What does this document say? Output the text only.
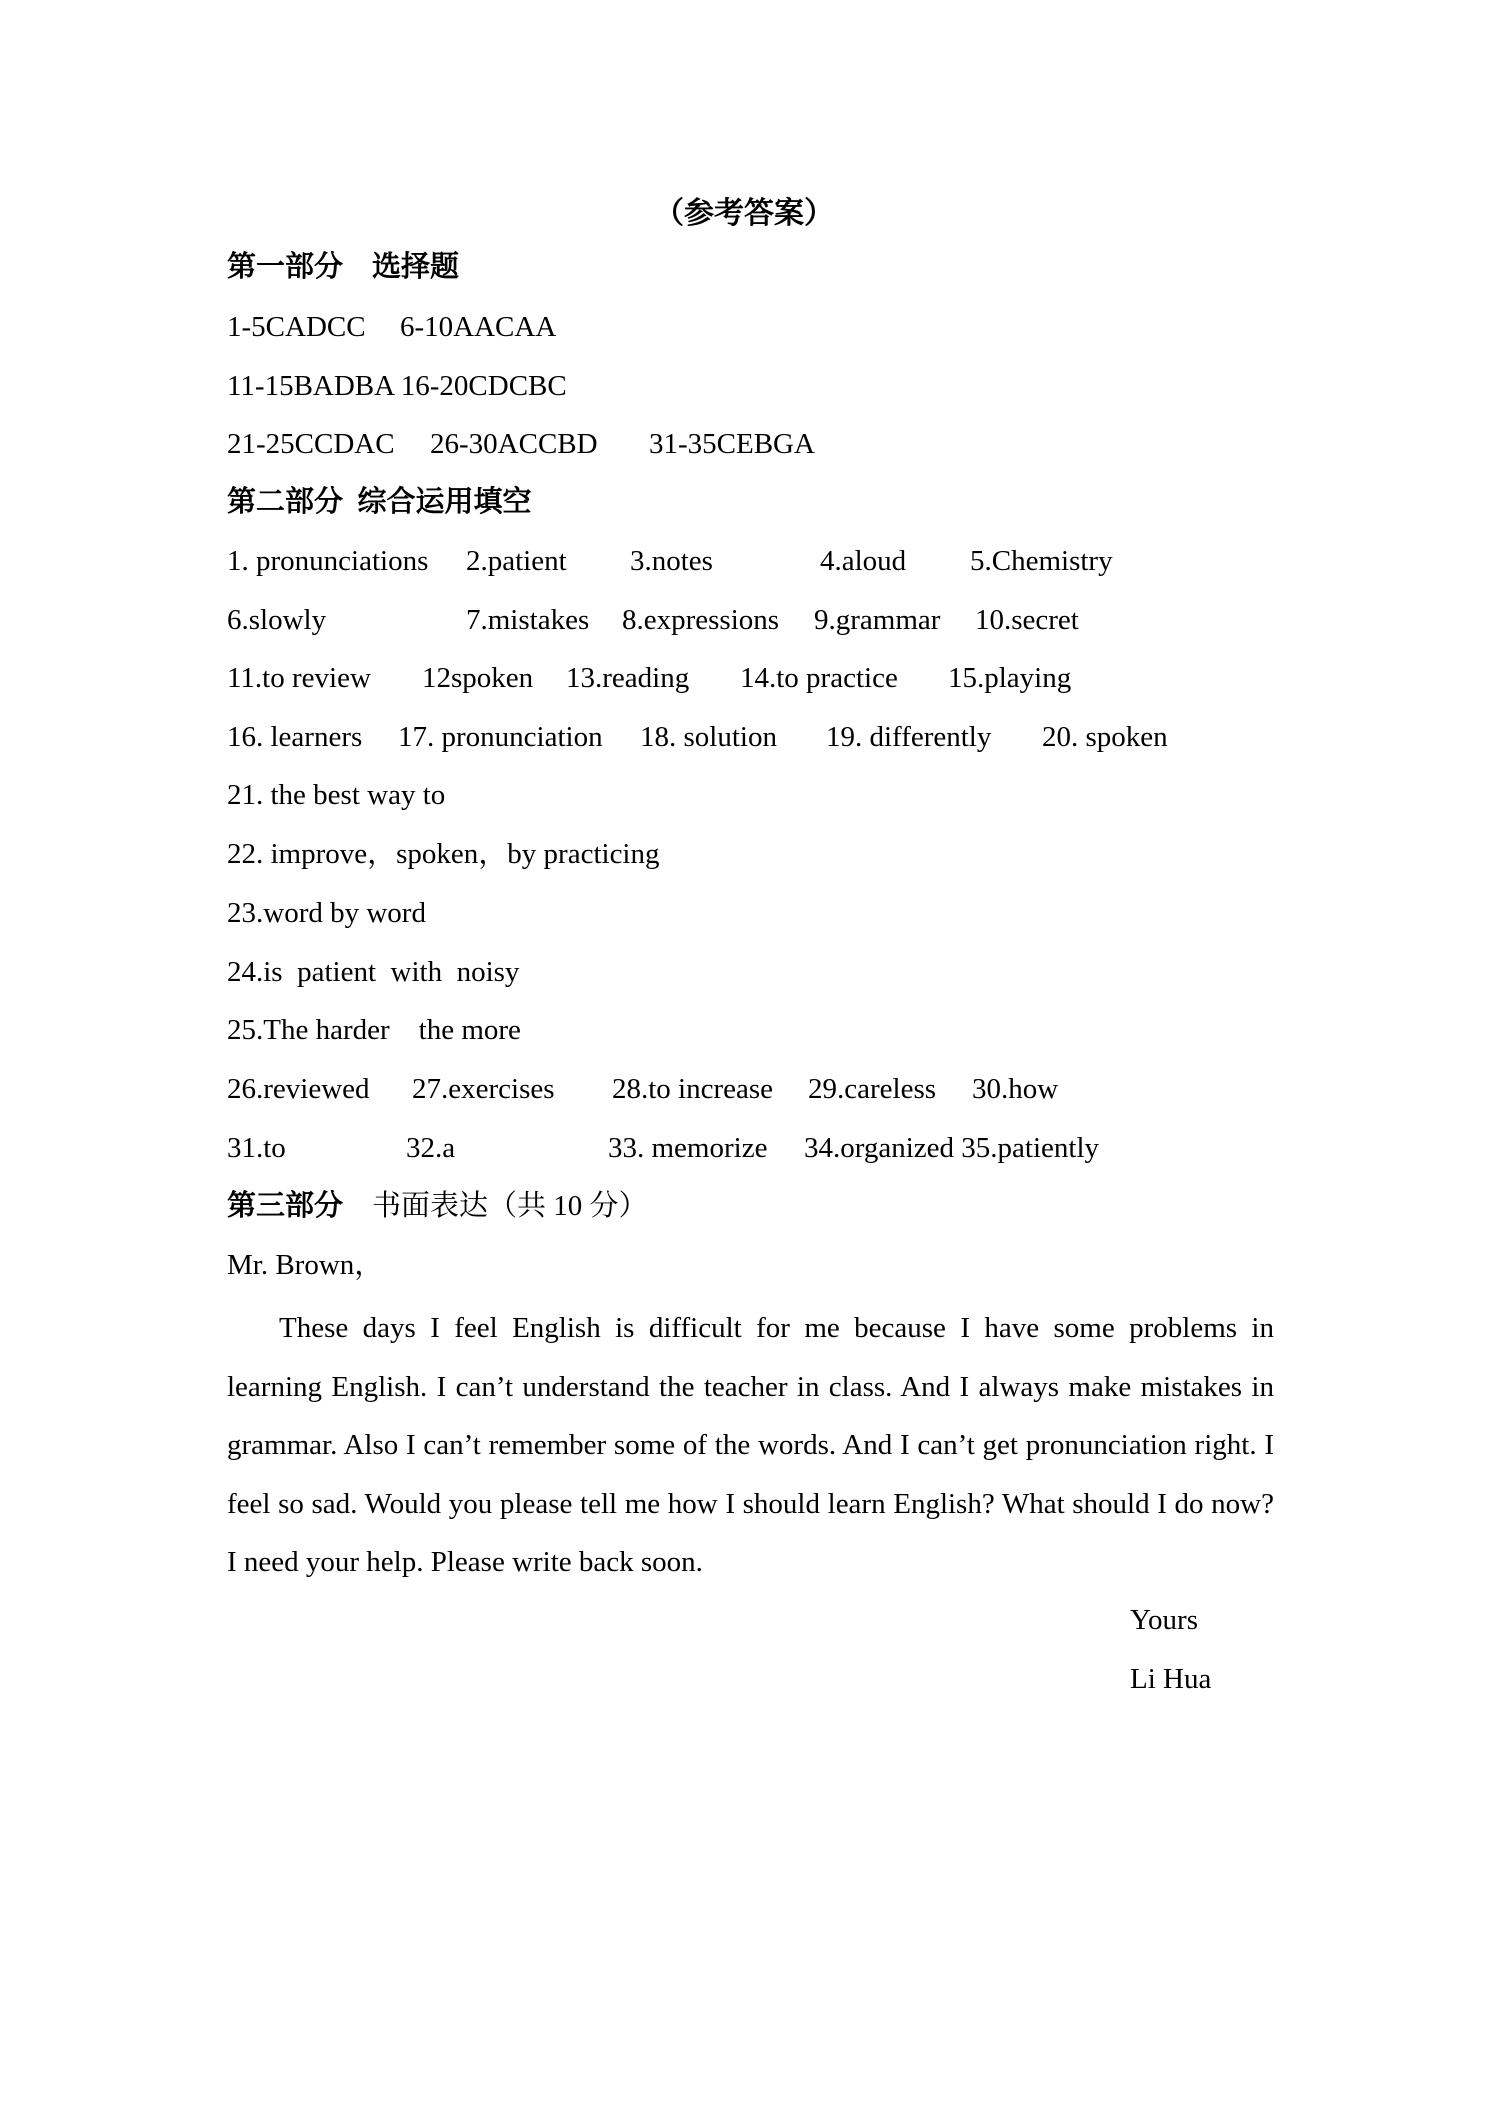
（参考答案）
第一部分    选择题
1-5CADCC 6-10AACAA
11-15BADBA 16-20CDCBC
21-25CCDAC 26-30ACCBD 31-35CEBGA
第二部分  综合运用填空
1. pronunciations 2.patient 3.notes	4.aloud 5.Chemistry
6.slowly	7.mistakes 8.expressions 9.grammar 10.secret
11.to review 12spoken 13.reading 14.to practice 15.playing
16. learners 17. pronunciation 18. solution 19. differently 20. spoken
21. the best way to
22. improve，spoken，by practicing
23.word by word
24.is  patient  with  noisy
25.The harder    the more
26.reviewed 27.exercises 28.to increase 29.careless 30.how
31.to	32.a	33. memorize 34.organized 35.patiently
第三部分    书面表达（共 10 分）
Mr. Brown，

These days I feel English is difficult for me because I have some problems in learning English. I can’t understand the teacher in class. And I always make mistakes in grammar. Also I can’t remember some of the words. And I can’t get pronunciation right. I feel so sad. Would you please tell me how I should learn English? What should I do now? I need your help. Please write back soon.

Yours
Li Hua
